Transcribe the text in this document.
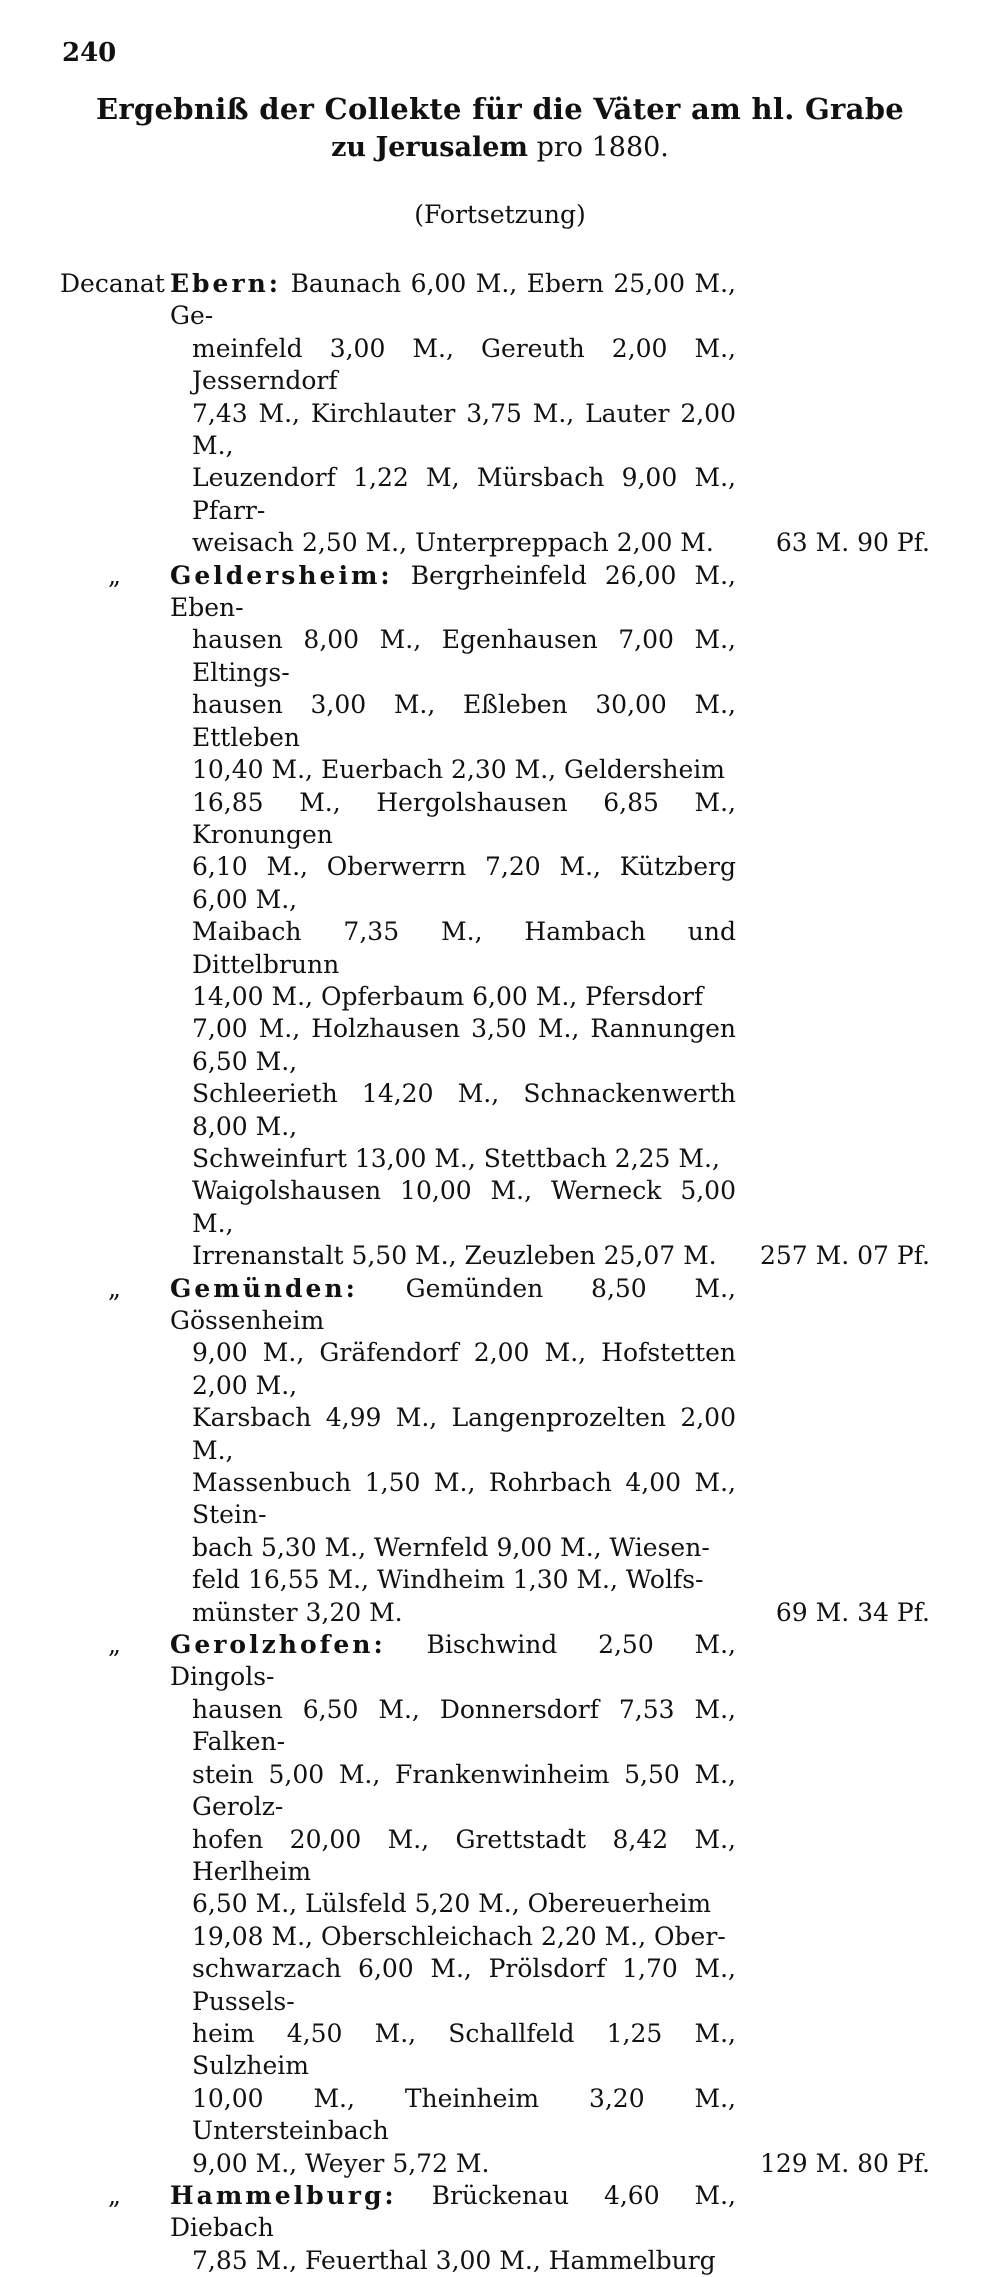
240
Ergebniß der Collekte für die Väter am hl. Grabe
zu Jerusalem pro 1880.
(Fortsetzung)
Decanat Ebern: Baunach 6,00 M., Ebern 25,00 M., Ge-
meinfeld 3,00 M., Gereuth 2,00 M., Jesserndorf
7,43 M., Kirchlauter 3,75 M., Lauter 2,00 M.,
Leuzendorf 1,22 M, Mürsbach 9,00 M., Pfarr-
weisach 2,50 M., Unterpreppach 2,00 M.	63 M. 90 Pf.
„	Geldersheim: Bergrheinfeld 26,00 M., Eben-
hausen 8,00 M., Egenhausen 7,00 M., Eltings-
hausen 3,00 M., Eßleben 30,00 M., Ettleben
10,40 M., Euerbach 2,30 M., Geldersheim
16,85 M., Hergolshausen 6,85 M., Kronungen
6,10 M., Oberwerrn 7,20 M., Kützberg 6,00 M.,
Maibach 7,35 M., Hambach und Dittelbrunn
14,00 M., Opferbaum 6,00 M., Pfersdorf
7,00 M., Holzhausen 3,50 M., Rannungen 6,50 M.,
Schleerieth 14,20 M., Schnackenwerth 8,00 M.,
Schweinfurt 13,00 M., Stettbach 2,25 M.,
Waigolshausen 10,00 M., Werneck 5,00 M.,
Irrenanstalt 5,50 M., Zeuzleben 25,07 M.	257 M. 07 Pf.
„	Gemünden: Gemünden 8,50 M., Gössenheim
9,00 M., Gräfendorf 2,00 M., Hofstetten 2,00 M.,
Karsbach 4,99 M., Langenprozelten 2,00 M.,
Massenbuch 1,50 M., Rohrbach 4,00 M., Stein-
bach 5,30 M., Wernfeld 9,00 M., Wiesen-
feld 16,55 M., Windheim 1,30 M., Wolfs-
münster 3,20 M.	69 M. 34 Pf.
„	Gerolzhofen: Bischwind 2,50 M., Dingols-
hausen 6,50 M., Donnersdorf 7,53 M., Falken-
stein 5,00 M., Frankenwinheim 5,50 M., Gerolz-
hofen 20,00 M., Grettstadt 8,42 M., Herlheim
6,50 M., Lülsfeld 5,20 M., Obereuerheim
19,08 M., Oberschleichach 2,20 M., Ober-
schwarzach 6,00 M., Prölsdorf 1,70 M., Pussels-
heim 4,50 M., Schallfeld 1,25 M., Sulzheim
10,00 M., Theinheim 3,20 M., Untersteinbach
9,00 M., Weyer 5,72 M.	129 M. 80 Pf.
„	Hammelburg: Brückenau 4,60 M., Diebach
7,85 M., Feuerthal 3,00 M., Hammelburg
